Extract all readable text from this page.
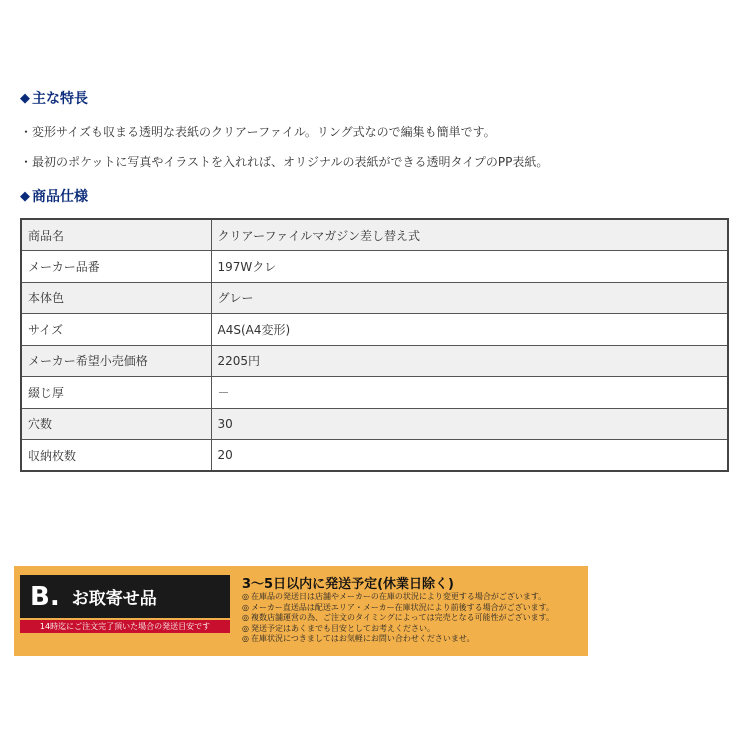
◆ 主な特長
・変形サイズも収まる透明な表紙のクリアーファイル。リング式なので編集も簡単です。
・最初のポケットに写真やイラストを入れれば、オリジナルの表紙ができる透明タイプのPP表紙。
◆ 商品仕様
商品名	クリアーファイルマガジン差し替え式
メーカー品番	197Wクレ
本体色	グレー
サイズ	A4S(A4変形)
メーカー希望小売価格	2205円
綴じ厚	－
穴数	30
収納枚数	20
B. お取寄せ品
14時迄にご注文完了頂いた場合の発送目安です
3～5日以内に発送予定(休業日除く)
◎ 在庫品の発送日は店舗やメーカーの在庫の状況により変更する場合がございます。
◎ メーカー直送品は配送エリア・メーカー在庫状況により前後する場合がございます。
◎ 複数店舗運営の為、ご注文のタイミングによっては完売となる可能性がございます。
◎ 発送予定はあくまでも目安としてお考えください。
◎ 在庫状況につきましてはお気軽にお問い合わせくださいませ。
